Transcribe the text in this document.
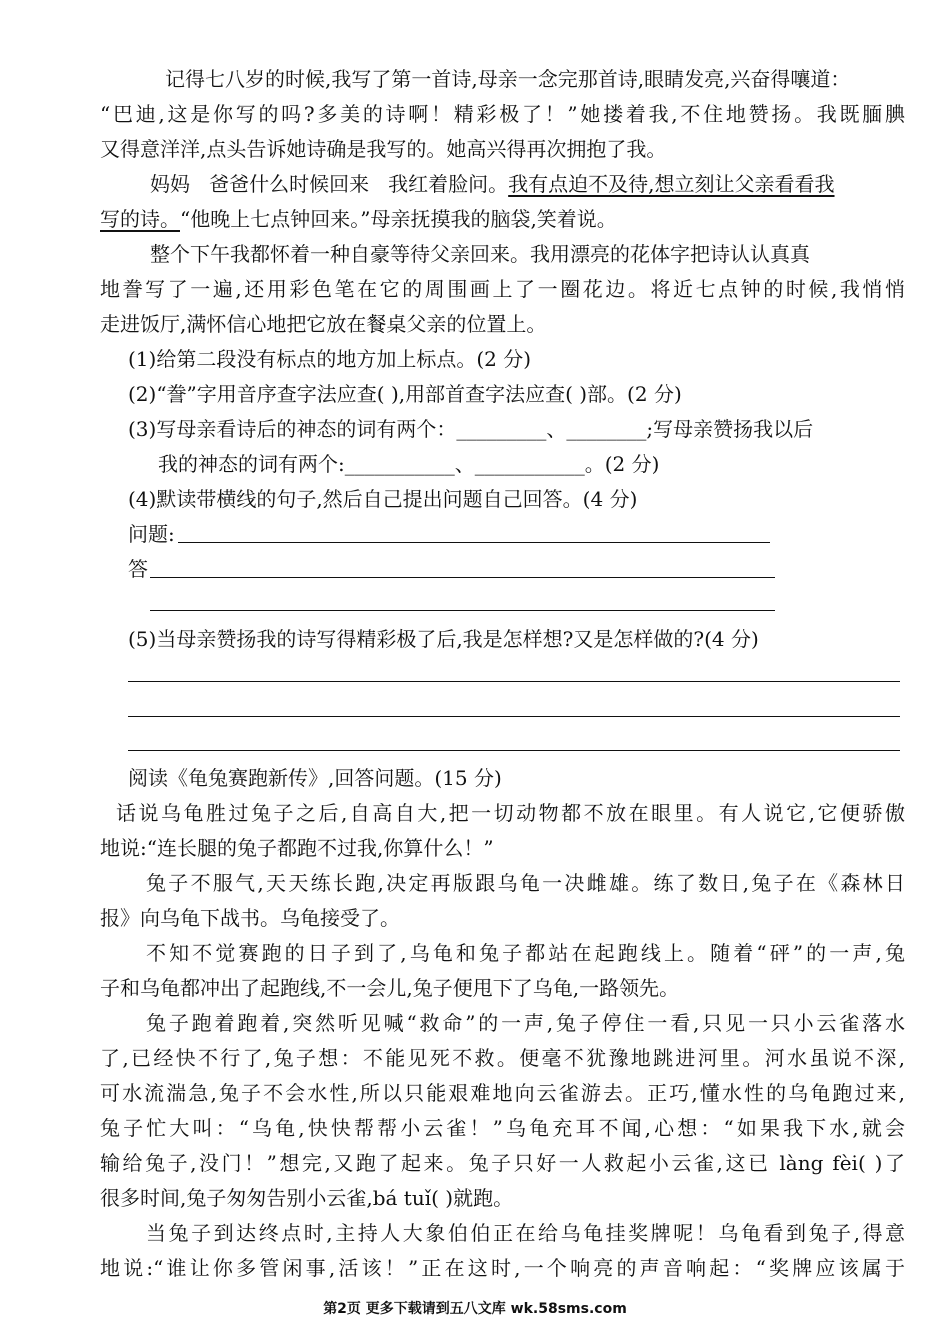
记得七八岁的时候,我写了第一首诗,母亲一念完那首诗,眼睛发亮,兴奋得嚷道：
“巴迪,这是你写的吗?多美的诗啊！精彩极了！”她搂着我,不住地赞扬。我既腼腆
又得意洋洋,点头告诉她诗确是我写的。她高兴得再次拥抱了我。
妈妈   爸爸什么时候回来   我红着脸问。我有点迫不及待,想立刻让父亲看看我
写的诗。“他晚上七点钟回来。”母亲抚摸我的脑袋,笑着说。
整个下午我都怀着一种自豪等待父亲回来。我用漂亮的花体字把诗认认真真
地誊写了一遍,还用彩色笔在它的周围画上了一圈花边。将近七点钟的时候,我悄悄
走进饭厅,满怀信心地把它放在餐桌父亲的位置上。
(1)给第二段没有标点的地方加上标点。(2 分)
(2)“誊”字用音序查字法应查( ),用部首查字法应查( )部。(2 分)
(3)写母亲看诗后的神态的词有两个：_________、________;写母亲赞扬我以后
我的神态的词有两个:___________、___________。(2 分)
(4)默读带横线的句子,然后自己提出问题自己回答。(4 分)
问题:
答
(5)当母亲赞扬我的诗写得精彩极了后,我是怎样想?又是怎样做的?(4 分)
阅读《龟兔赛跑新传》,回答问题。(15 分)
话说乌龟胜过兔子之后,自高自大,把一切动物都不放在眼里。有人说它,它便骄傲
地说:“连长腿的兔子都跑不过我,你算什么！”
兔子不服气,天天练长跑,决定再版跟乌龟一决雌雄。练了数日,兔子在《森林日
报》向乌龟下战书。乌龟接受了。
不知不觉赛跑的日子到了,乌龟和兔子都站在起跑线上。随着“砰”的一声,兔
子和乌龟都冲出了起跑线,不一会儿,兔子便甩下了乌龟,一路领先。
兔子跑着跑着,突然听见喊“救命”的一声,兔子停住一看,只见一只小云雀落水
了,已经快不行了,兔子想：不能见死不救。便毫不犹豫地跳进河里。河水虽说不深,
可水流湍急,兔子不会水性,所以只能艰难地向云雀游去。正巧,懂水性的乌龟跑过来,
兔子忙大叫：“乌龟,快快帮帮小云雀！”乌龟充耳不闻,心想：“如果我下水,就会
输给兔子,没门！”想完,又跑了起来。兔子只好一人救起小云雀,这已 làng fèi( )了
很多时间,兔子匆匆告别小云雀,bá tuǐ( )就跑。
当兔子到达终点时,主持人大象伯伯正在给乌龟挂奖牌呢！乌龟看到兔子,得意
地说:“谁让你多管闲事,活该！”正在这时,一个响亮的声音响起：“奖牌应该属于
第2页 更多下载请到五八文库 wk.58sms.com
